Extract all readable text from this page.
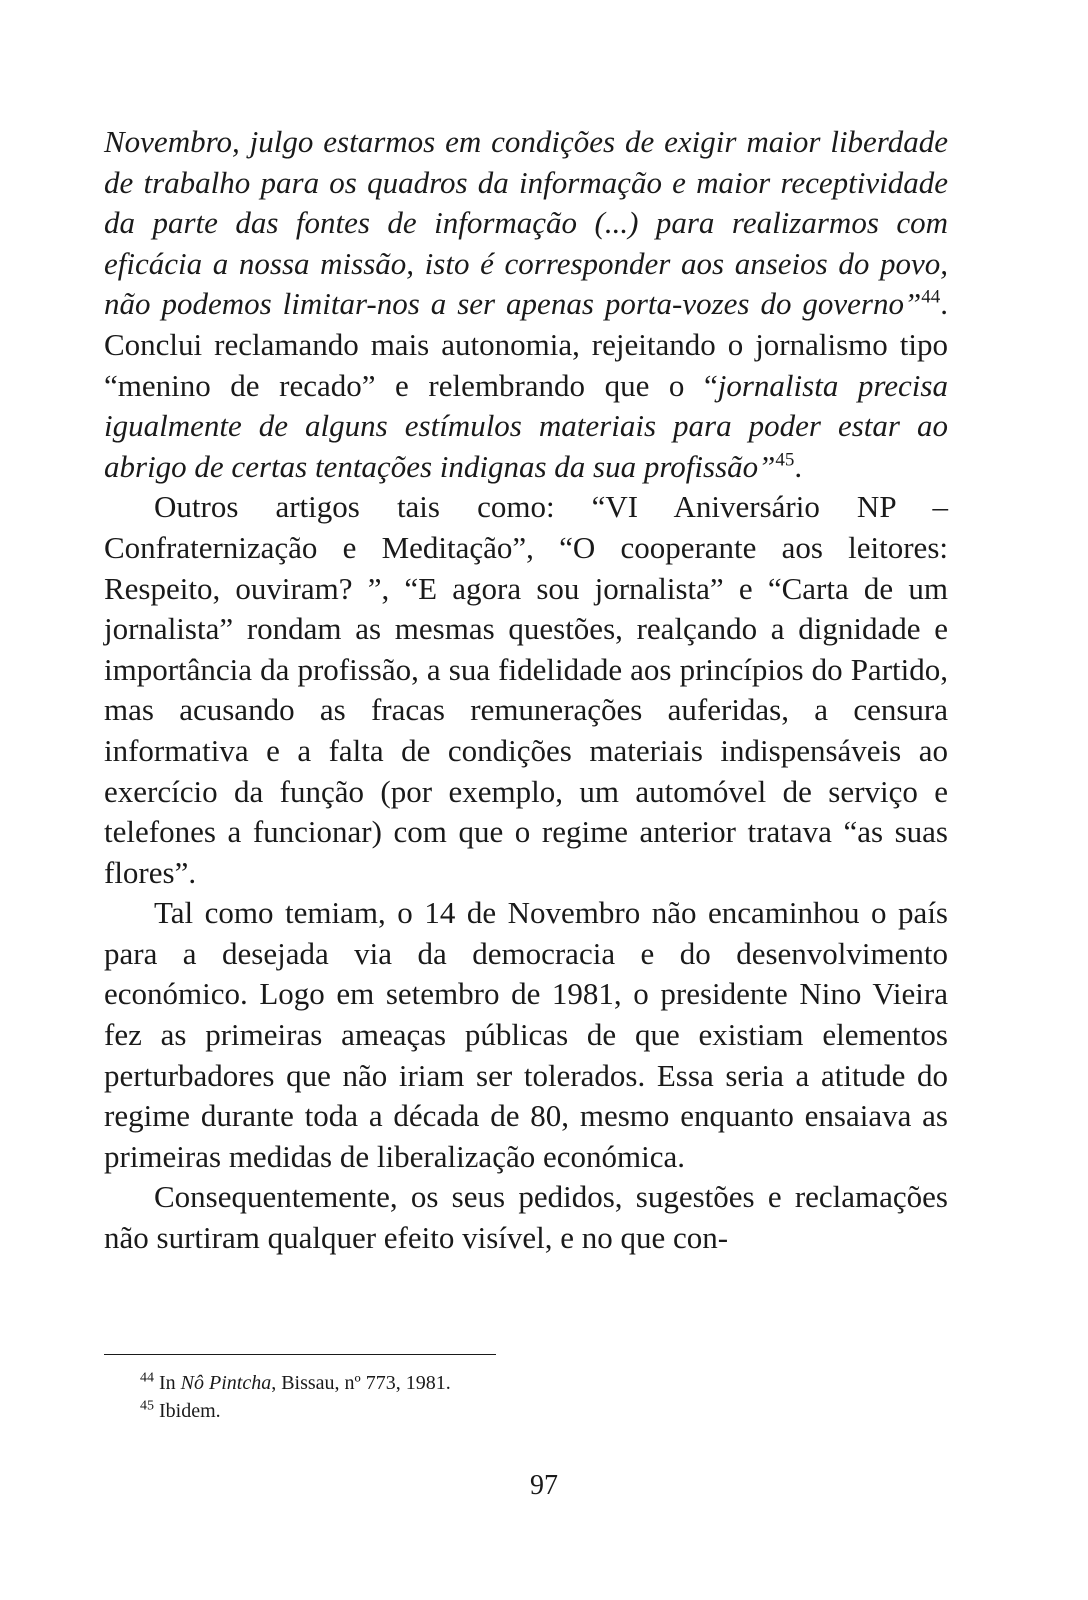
Novembro, julgo estarmos em condições de exigir maior liberdade de trabalho para os quadros da informação e maior receptividade da parte das fontes de informação (...) para realizarmos com eficácia a nossa missão, isto é corresponder aos anseios do povo, não podemos limitar-nos a ser apenas porta-vozes do governo”$^{44}$. Conclui reclamando mais autonomia, rejeitando o jornalismo tipo “menino de recado” e relembrando que o “jornalista precisa igualmente de alguns estímulos materiais para poder estar ao abrigo de certas tentações indignas da sua profissão”$^{45}$.

Outros artigos tais como: “VI Aniversário NP – Confraternização e Meditação”, “O cooperante aos leitores: Respeito, ouviram? ”, “E agora sou jornalista” e “Carta de um jornalista” rondam as mesmas questões, realçando a dignidade e importância da profissão, a sua fidelidade aos princípios do Partido, mas acusando as fracas remunerações auferidas, a censura informativa e a falta de condições materiais indispensáveis ao exercício da função (por exemplo, um automóvel de serviço e telefones a funcionar) com que o regime anterior tratava “as suas flores”.

Tal como temiam, o 14 de Novembro não encaminhou o país para a desejada via da democracia e do desenvolvimento económico. Logo em setembro de 1981, o presidente Nino Vieira fez as primeiras ameaças públicas de que existiam elementos perturbadores que não iriam ser tolerados. Essa seria a atitude do regime durante toda a década de 80, mesmo enquanto ensaiava as primeiras medidas de liberalização económica.

Consequentemente, os seus pedidos, sugestões e reclamações não surtiram qualquer efeito visível, e no que con-

$^{44}$ In Nô Pintcha, Bissau, nº 773, 1981.

$^{45}$ Ibidem.

97
